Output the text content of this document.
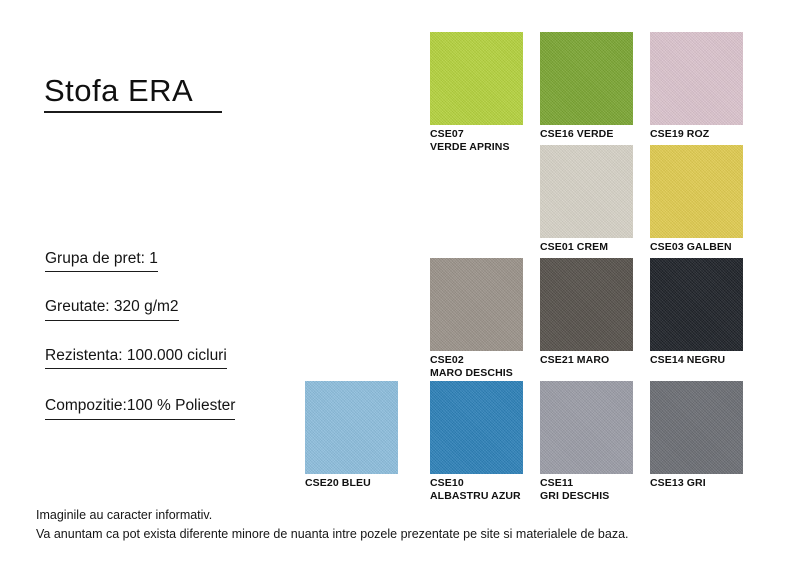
Stofa ERA
Grupa de pret: 1
Greutate: 320 g/m2
Rezistenta: 100.000 cicluri
Compozitie:100 % Poliester
CSE07
VERDE APRINS
CSE16 VERDE	CSE19 ROZ
CSE01 CREM	CSE03 GALBEN
CSE02
MARO DESCHIS
CSE21 MARO	CSE14 NEGRU
CSE20 BLEU	CSE10
ALBASTRU AZUR
CSE11
GRI DESCHIS
CSE13 GRI
Imaginile au caracter informativ.
Va anuntam ca pot exista diferente minore de nuanta intre pozele prezentate pe site si materialele de baza.
